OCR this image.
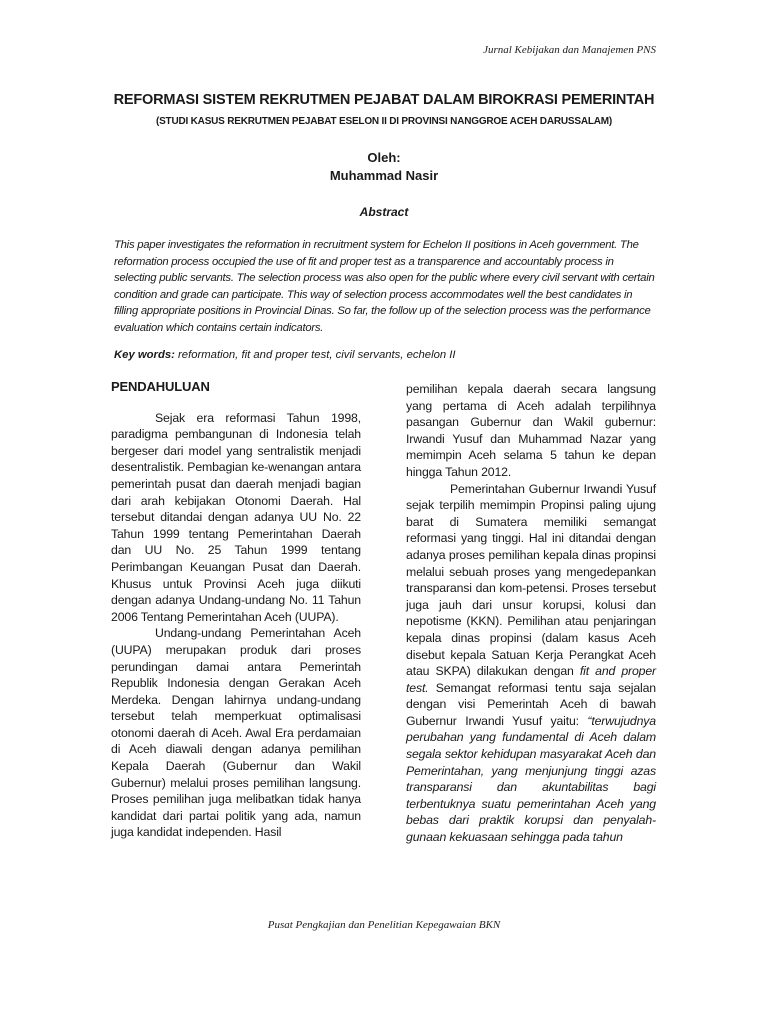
Jurnal Kebijakan dan Manajemen PNS
REFORMASI SISTEM REKRUTMEN PEJABAT DALAM BIROKRASI PEMERINTAH
(STUDI KASUS REKRUTMEN PEJABAT ESELON II DI PROVINSI NANGGROE ACEH DARUSSALAM)
Oleh:
Muhammad Nasir
Abstract

This paper investigates the reformation in recruitment system for Echelon II positions in Aceh government. The reformation process occupied the use of fit and proper test as a transparence and accountably process in selecting public servants. The selection process was also open for the public where every civil servant with certain condition and grade can participate. This way of selection process accommodates well the best candidates in filling appropriate positions in Provincial Dinas. So far, the follow up of the selection process was the performance evaluation which contains certain indicators.

Key words: reformation, fit and proper test, civil servants, echelon II

PENDAHULUAN

Sejak era reformasi Tahun 1998, paradigma pembangunan di Indonesia telah bergeser dari model yang sentralistik menjadi desentralistik. Pembagian ke-wenangan antara pemerintah pusat dan daerah menjadi bagian dari arah kebijakan Otonomi Daerah. Hal tersebut ditandai dengan adanya UU No. 22 Tahun 1999 tentang Pemerintahan Daerah dan UU No. 25 Tahun 1999 tentang Perimbangan Keuangan Pusat dan Daerah. Khusus untuk Provinsi Aceh juga diikuti dengan adanya Undang-undang No. 11 Tahun 2006 Tentang Pemerintahan Aceh (UUPA).

Undang-undang Pemerintahan Aceh (UUPA) merupakan produk dari proses perundingan damai antara Pemerintah Republik Indonesia dengan Gerakan Aceh Merdeka. Dengan lahirnya undang-undang tersebut telah memperkuat optimalisasi otonomi daerah di Aceh. Awal Era perdamaian di Aceh diawali dengan adanya pemilihan Kepala Daerah (Gubernur dan Wakil Gubernur) melalui proses pemilihan langsung. Proses pemilihan juga melibatkan tidak hanya kandidat dari partai politik yang ada, namun juga kandidat independen. Hasil

pemilihan kepala daerah secara langsung yang pertama di Aceh adalah terpilihnya pasangan Gubernur dan Wakil gubernur: Irwandi Yusuf dan Muhammad Nazar yang memimpin Aceh selama 5 tahun ke depan hingga Tahun 2012.

Pemerintahan Gubernur Irwandi Yusuf sejak terpilih memimpin Propinsi paling ujung barat di Sumatera memiliki semangat reformasi yang tinggi. Hal ini ditandai dengan adanya proses pemilihan kepala dinas propinsi melalui sebuah proses yang mengedepankan transparansi dan kom-petensi. Proses tersebut juga jauh dari unsur korupsi, kolusi dan nepotisme (KKN). Pemilihan atau penjaringan kepala dinas propinsi (dalam kasus Aceh disebut kepala Satuan Kerja Perangkat Aceh atau SKPA) dilakukan dengan fit and proper test. Semangat reformasi tentu saja sejalan dengan visi Pemerintah Aceh di bawah Gubernur Irwandi Yusuf yaitu: “terwujudnya perubahan yang fundamental di Aceh dalam segala sektor kehidupan masyarakat Aceh dan Pemerintahan, yang menjunjung tinggi azas transparansi dan akuntabilitas bagi terbentuknya suatu pemerintahan Aceh yang bebas dari praktik korupsi dan penyalah-gunaan kekuasaan sehingga pada tahun

Pusat Pengkajian dan Penelitian Kepegawaian BKN
